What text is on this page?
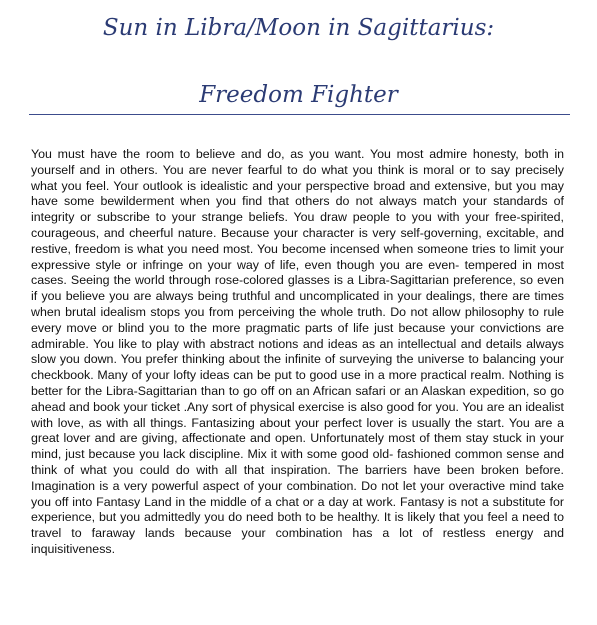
Sun in Libra/Moon in Sagittarius:
Freedom Fighter

You must have the room to believe and do, as you want. You most admire honesty, both in yourself and in others. You are never fearful to do what you think is moral or to say precisely what you feel. Your outlook is idealistic and your perspective broad and extensive, but you may have some bewilderment when you find that others do not always match your standards of integrity or subscribe to your strange beliefs. You draw people to you with your free-spirited, courageous, and cheerful nature. Because your character is very self-governing, excitable, and restive, freedom is what you need most. You become incensed when someone tries to limit your expressive style or infringe on your way of life, even though you are even- tempered in most cases. Seeing the world through rose-colored glasses is a Libra-Sagittarian preference, so even if you believe you are always being truthful and uncomplicated in your dealings, there are times when brutal idealism stops you from perceiving the whole truth. Do not allow philosophy to rule every move or blind you to the more pragmatic parts of life just because your convictions are admirable. You like to play with abstract notions and ideas as an intellectual and details always slow you down. You prefer thinking about the infinite of surveying the universe to balancing your checkbook. Many of your lofty ideas can be put to good use in a more practical realm. Nothing is better for the Libra-Sagittarian than to go off on an African safari or an Alaskan expedition, so go ahead and book your ticket .Any sort of physical exercise is also good for you. You are an idealist with love, as with all things. Fantasizing about your perfect lover is usually the start. You are a great lover and are giving, affectionate and open. Unfortunately most of them stay stuck in your mind, just because you lack discipline. Mix it with some good old- fashioned common sense and think of what you could do with all that inspiration. The barriers have been broken before. Imagination is a very powerful aspect of your combination. Do not let your overactive mind take you off into Fantasy Land in the middle of a chat or a day at work. Fantasy is not a substitute for experience, but you admittedly you do need both to be healthy. It is likely that you feel a need to travel to faraway lands because your combination has a lot of restless energy and inquisitiveness.
